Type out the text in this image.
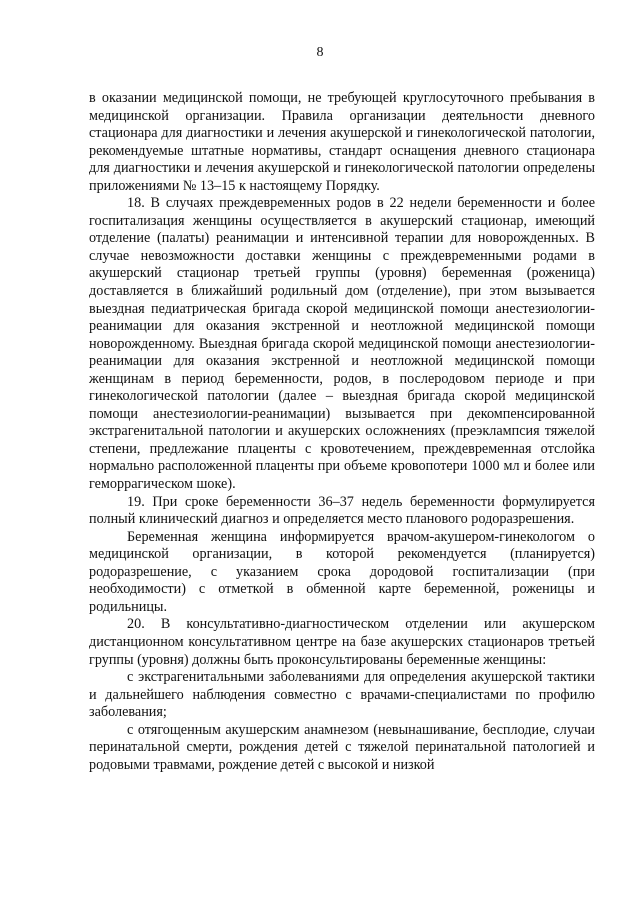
8

в оказании медицинской помощи, не требующей круглосуточного пребывания в медицинской организации. Правила организации деятельности дневного стационара для диагностики и лечения акушерской и гинекологической патологии, рекомендуемые штатные нормативы, стандарт оснащения дневного стационара для диагностики и лечения акушерской и гинекологической патологии определены приложениями № 13–15 к настоящему Порядку.

18. В случаях преждевременных родов в 22 недели беременности и более госпитализация женщины осуществляется в акушерский стационар, имеющий отделение (палаты) реанимации и интенсивной терапии для новорожденных. В случае невозможности доставки женщины с преждевременными родами в акушерский стационар третьей группы (уровня) беременная (роженица) доставляется в ближайший родильный дом (отделение), при этом вызывается выездная педиатрическая бригада скорой медицинской помощи анестезиологии-реанимации для оказания экстренной и неотложной медицинской помощи новорожденному. Выездная бригада скорой медицинской помощи анестезиологии-реанимации для оказания экстренной и неотложной медицинской помощи женщинам в период беременности, родов, в послеродовом периоде и при гинекологической патологии (далее – выездная бригада скорой медицинской помощи анестезиологии-реанимации) вызывается при декомпенсированной экстрагенитальной патологии и акушерских осложнениях (преэклампсия тяжелой степени, предлежание плаценты с кровотечением, преждевременная отслойка нормально расположенной плаценты при объеме кровопотери 1000 мл и более или геморрагическом шоке).

19. При сроке беременности 36–37 недель беременности формулируется полный клинический диагноз и определяется место планового родоразрешения.

Беременная женщина информируется врачом-акушером-гинекологом о медицинской организации, в которой рекомендуется (планируется) родоразрешение, с указанием срока дородовой госпитализации (при необходимости) с отметкой в обменной карте беременной, роженицы и родильницы.

20. В консультативно-диагностическом отделении или акушерском дистанционном консультативном центре на базе акушерских стационаров третьей группы (уровня) должны быть проконсультированы беременные женщины:

с экстрагенитальными заболеваниями для определения акушерской тактики и дальнейшего наблюдения совместно с врачами-специалистами по профилю заболевания;

с отягощенным акушерским анамнезом (невынашивание, бесплодие, случаи перинатальной смерти, рождения детей с тяжелой перинатальной патологией и родовыми травмами, рождение детей с высокой и низкой
